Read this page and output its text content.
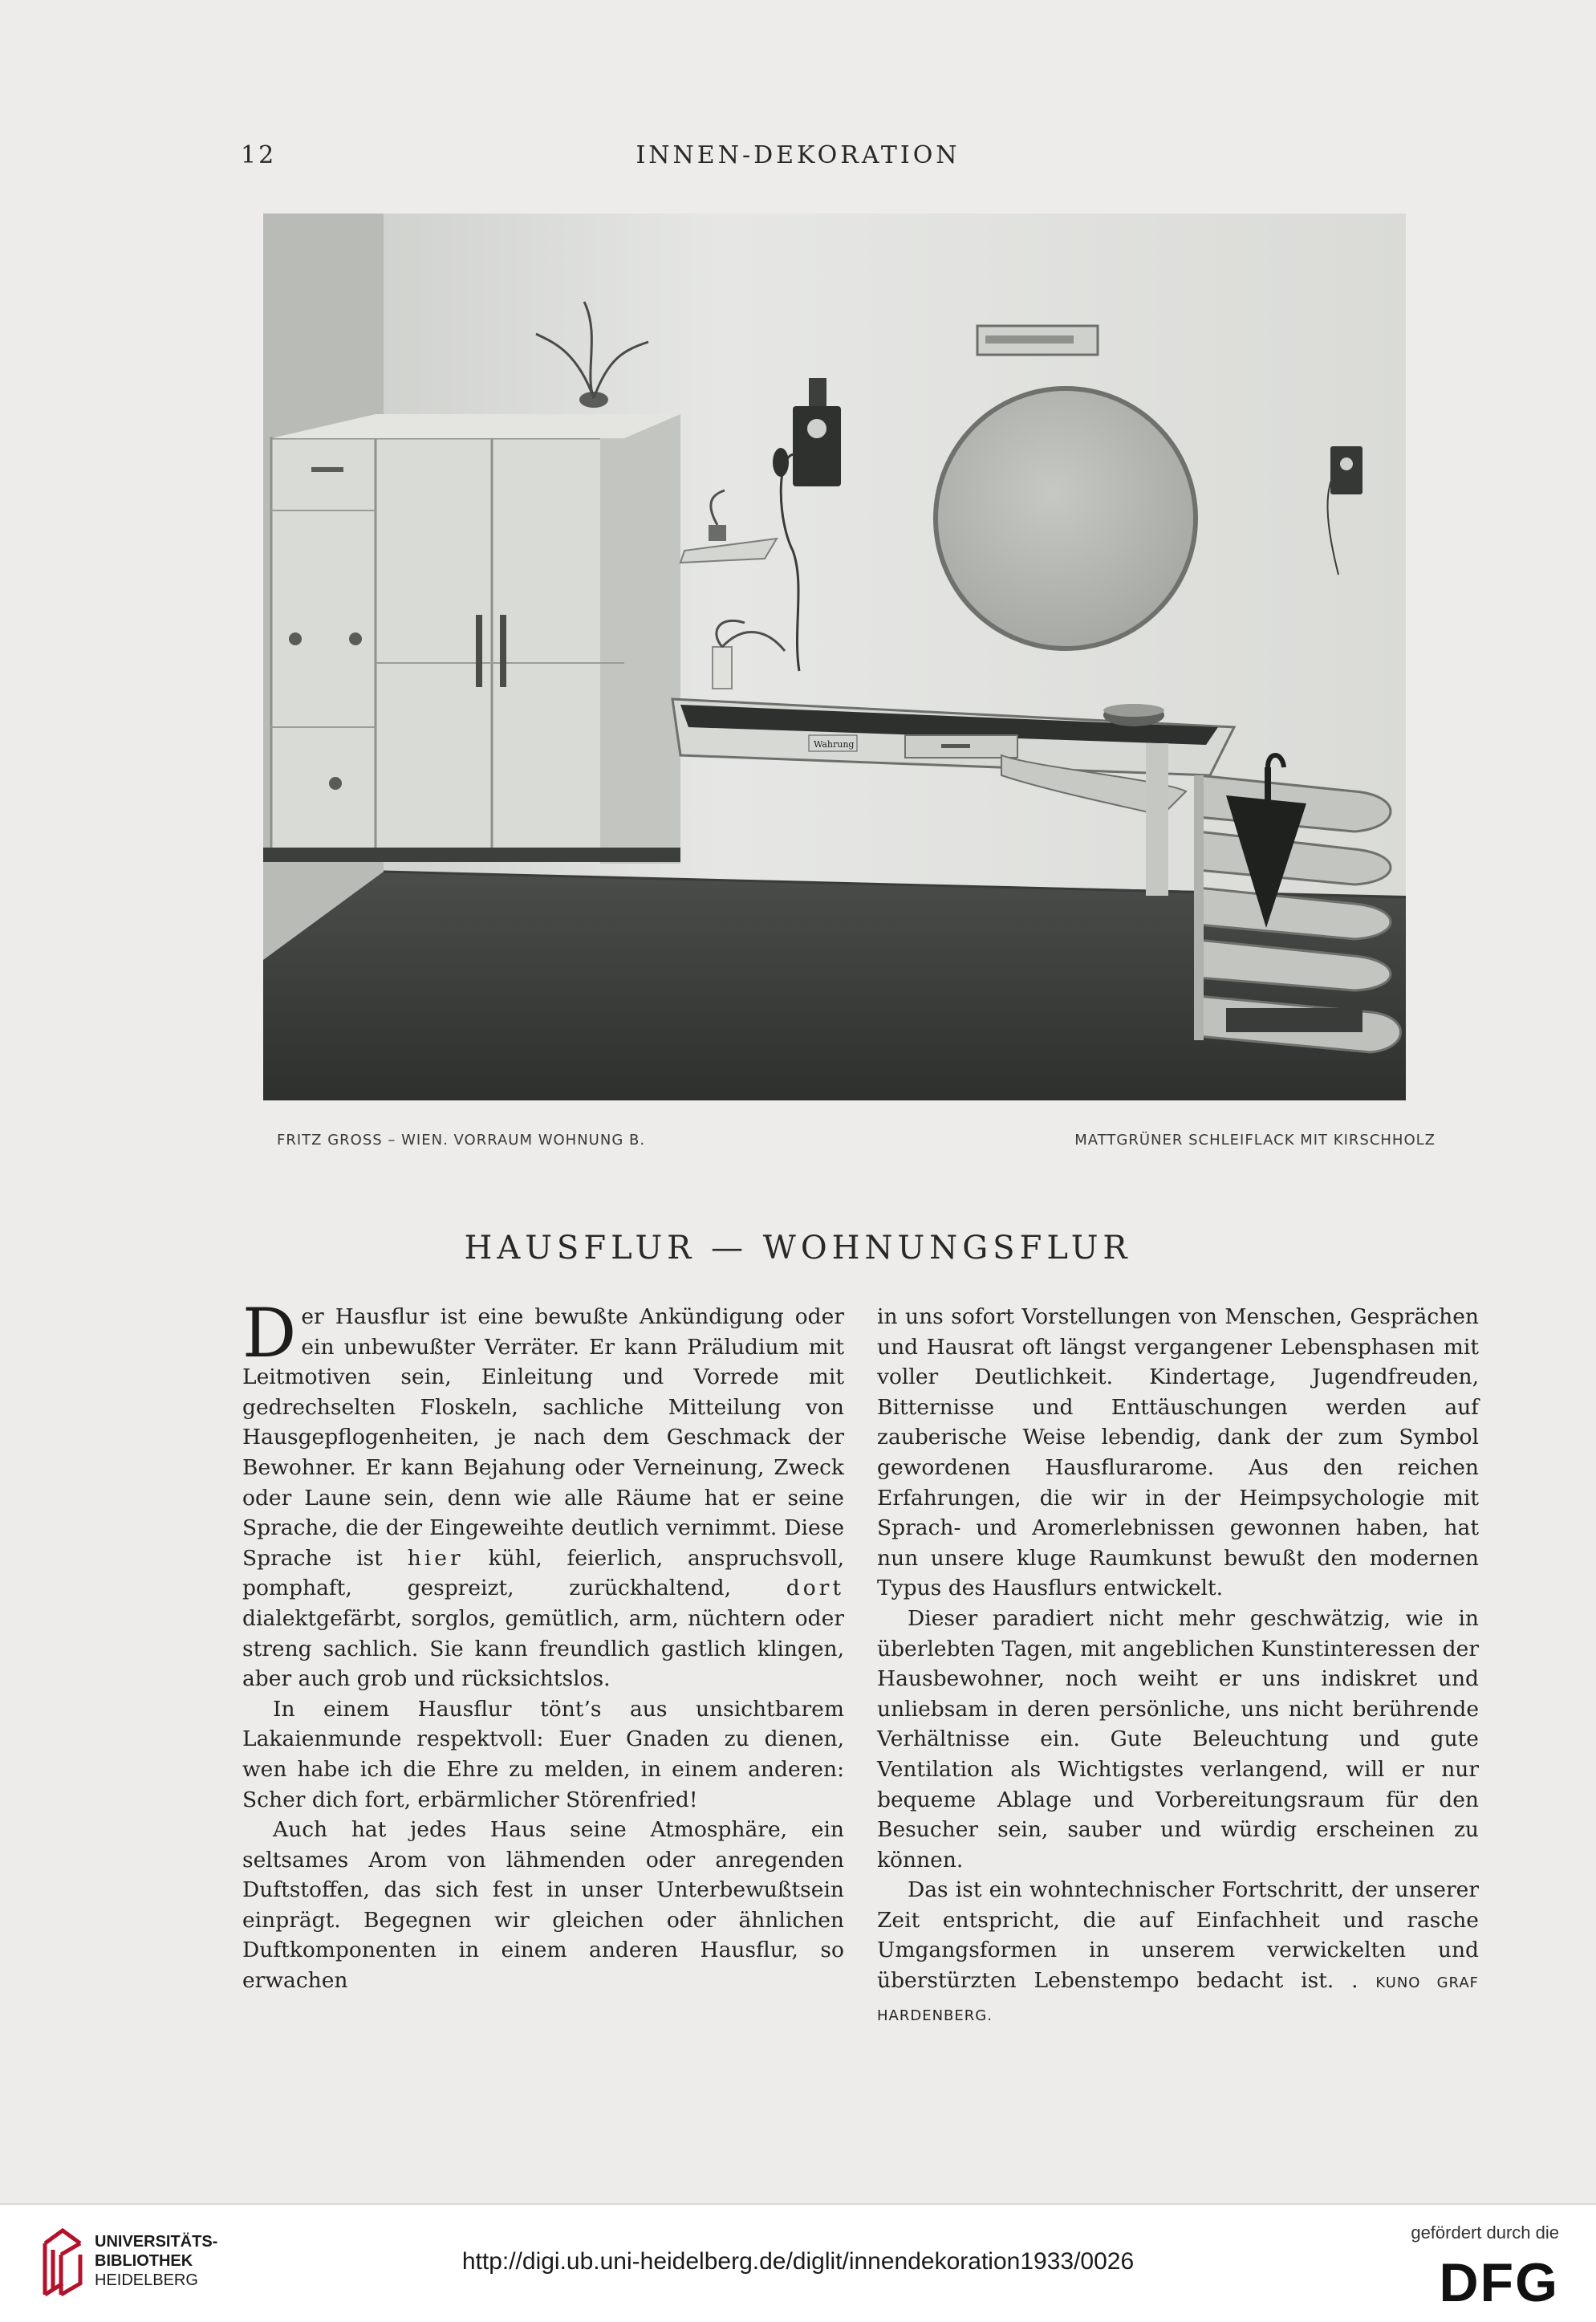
12	INNEN-DEKORATION
Wahrung
FRITZ GROSS – WIEN. VORRAUM WOHNUNG B.	MATTGRÜNER SCHLEIFLACK MIT KIRSCHHOLZ
HAUSFLUR — WOHNUNGSFLUR

Der Hausflur ist eine bewußte Ankündigung oder ein unbewußter Verräter. Er kann Präludium mit Leitmotiven sein, Einleitung und Vorrede mit gedrechselten Floskeln, sachliche Mitteilung von Hausgepflogenheiten, je nach dem Geschmack der Bewohner. Er kann Bejahung oder Verneinung, Zweck oder Laune sein, denn wie alle Räume hat er seine Sprache, die der Eingeweihte deutlich vernimmt. Diese Sprache ist hier kühl, feierlich, anspruchsvoll, pomphaft, gespreizt, zurückhaltend,	dort dialektgefärbt, sorglos, gemütlich, arm, nüchtern oder streng sachlich. Sie kann freundlich gastlich klingen, aber auch grob und rücksichtslos.

In einem Hausflur tönt’s aus unsichtbarem Lakaienmunde respektvoll: Euer Gnaden zu dienen, wen habe ich die Ehre zu melden, in einem anderen: Scher dich fort, erbärmlicher Störenfried!

Auch hat jedes Haus seine Atmosphäre, ein seltsames Arom von lähmenden oder anregenden Duftstoffen, das sich fest in unser Unterbewußtsein einprägt. Begegnen wir gleichen oder ähnlichen Duftkomponenten in einem anderen Hausflur, so erwachen

in uns sofort Vorstellungen von Menschen, Gesprächen und Hausrat oft längst vergangener Lebensphasen mit voller Deutlichkeit. Kindertage, Jugendfreuden, Bitternisse und Enttäuschungen werden auf zauberische Weise lebendig, dank der zum Symbol gewordenen Hausflurarome. Aus den reichen Erfahrungen, die wir in der Heimpsychologie mit Sprach- und Aromerlebnissen gewonnen haben, hat nun unsere kluge Raumkunst bewußt den modernen Typus des Hausflurs entwickelt.

Dieser paradiert nicht mehr geschwätzig, wie in überlebten Tagen, mit angeblichen Kunstinteressen der Hausbewohner, noch weiht er uns indiskret und unliebsam in deren persönliche, uns nicht berührende Verhältnisse ein. Gute Beleuchtung und gute Ventilation als Wichtigstes verlangend, will er nur bequeme Ablage und Vorbereitungsraum für den Besucher sein, sauber und würdig erscheinen zu können.

Das ist ein wohntechnischer Fortschritt, der unserer Zeit entspricht, die auf Einfachheit und rasche Umgangsformen in unserem verwickelten und überstürzten Lebenstempo bedacht ist. . KUNO GRAF HARDENBERG.

UNIVERSITÄTS-
BIBLIOTHEK
HEIDELBERG
http://digi.ub.uni-heidelberg.de/diglit/innendekoration1933/0026
gefördert durch die
DFG
